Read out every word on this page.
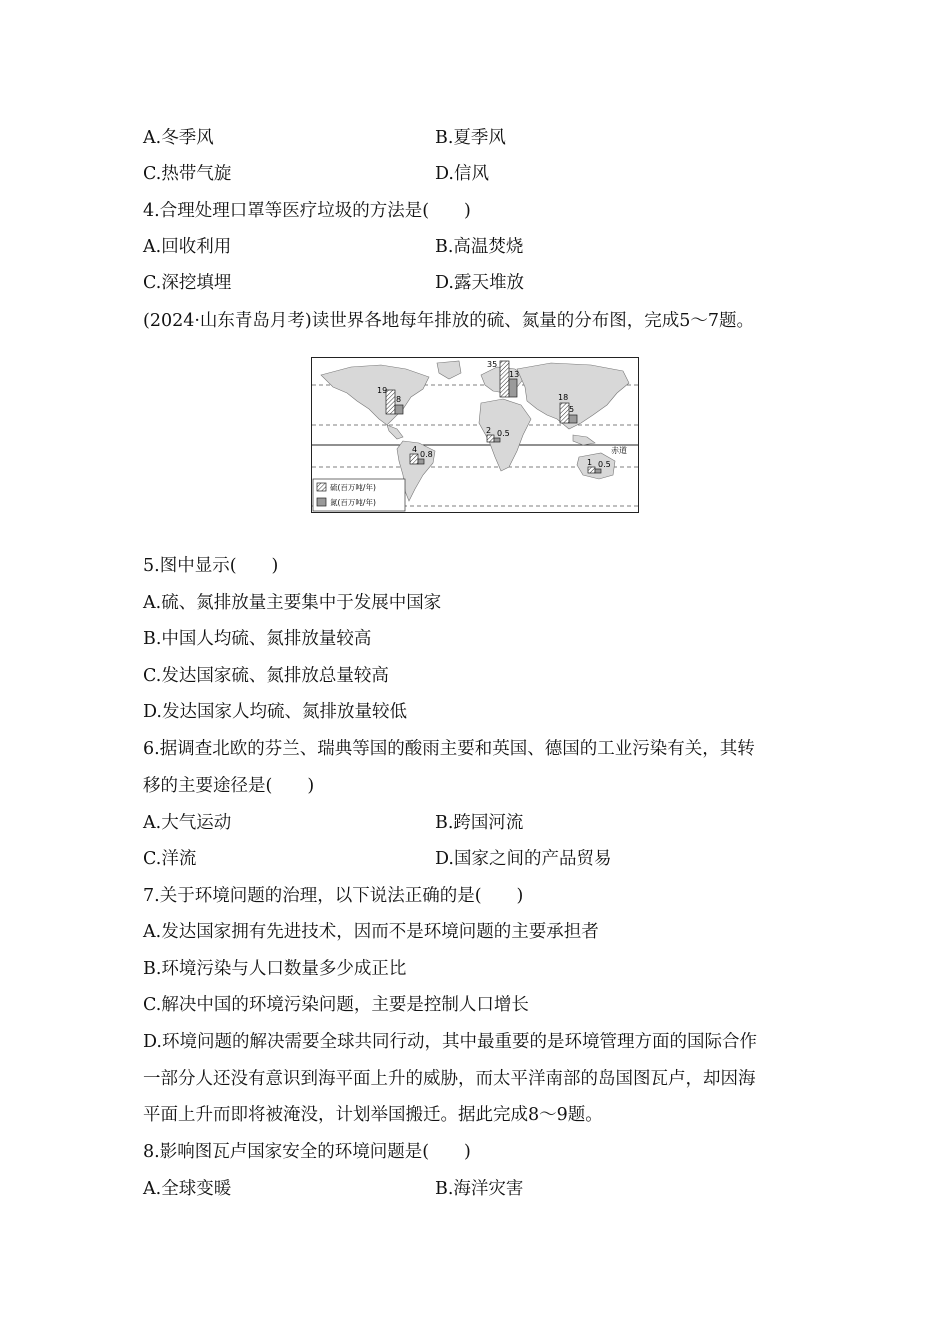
A.冬季风	B.夏季风
C.热带气旋	D.信风
4.合理处理口罩等医疗垃圾的方法是(　　)
A.回收利用	B.高温焚烧
C.深挖填埋	D.露天堆放
(2024·山东青岛月考)读世界各地每年排放的硫、氮量的分布图，完成5～7题。
19
8
35
13
18
5
2 0.5
赤道
4
0.8
1 0.5
硫(百万吨/年)
氮(百万吨/年)
5.图中显示(　　)
A.硫、氮排放量主要集中于发展中国家
B.中国人均硫、氮排放量较高
C.发达国家硫、氮排放总量较高
D.发达国家人均硫、氮排放量较低
6.据调查北欧的芬兰、瑞典等国的酸雨主要和英国、德国的工业污染有关，其转
移的主要途径是(　　)
A.大气运动	B.跨国河流
C.洋流	D.国家之间的产品贸易
7.关于环境问题的治理，以下说法正确的是(　　)
A.发达国家拥有先进技术，因而不是环境问题的主要承担者
B.环境污染与人口数量多少成正比
C.解决中国的环境污染问题，主要是控制人口增长
D.环境问题的解决需要全球共同行动，其中最重要的是环境管理方面的国际合作
一部分人还没有意识到海平面上升的威胁，而太平洋南部的岛国图瓦卢，却因海
平面上升而即将被淹没，计划举国搬迁。据此完成8～9题。
8.影响图瓦卢国家安全的环境问题是(　　)
A.全球变暖	B.海洋灾害
